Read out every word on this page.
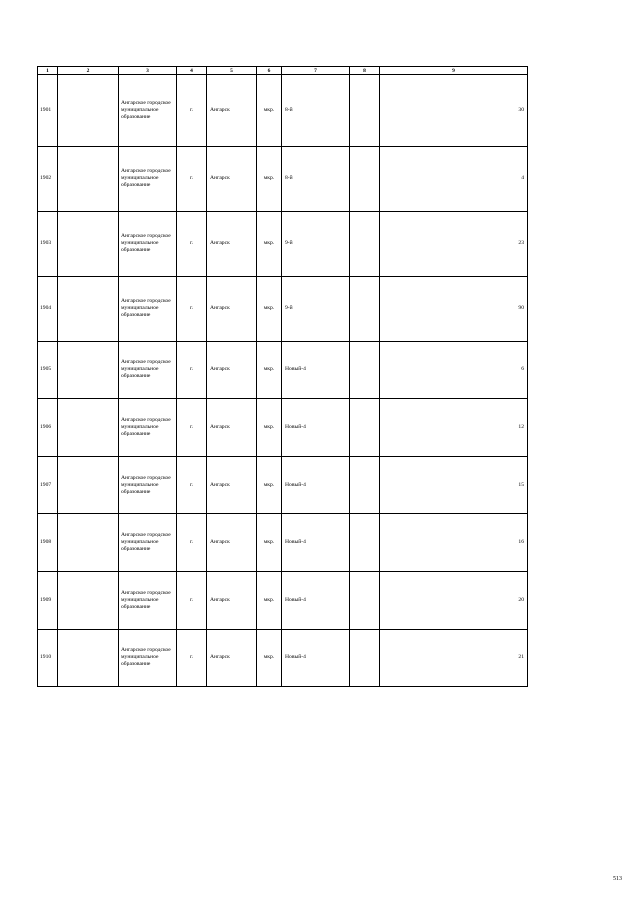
1	2	3	4	5	6	7	8	9	
1901		Ангарское городское муниципальное образование	г.	Ангарск	мкр.	8-й		30	

1902		Ангарское городское муниципальное образование	г.	Ангарск	мкр.	8-й		4	

1903		Ангарское городское муниципальное образование	г.	Ангарск	мкр.	9-й		23	

1904		Ангарское городское муниципальное образование	г.	Ангарск	мкр.	9-й		90	

1905		Ангарское городское муниципальное образование	г.	Ангарск	мкр.	Новый-4		6	

1906		Ангарское городское муниципальное образование	г.	Ангарск	мкр.	Новый-4		12	

1907		Ангарское городское муниципальное образование	г.	Ангарск	мкр.	Новый-4		15	

1908		Ангарское городское муниципальное образование	г.	Ангарск	мкр.	Новый-4		16	

1909		Ангарское городское муниципальное образование	г.	Ангарск	мкр.	Новый-4		20	

1910		Ангарское городское муниципальное образование	г.	Ангарск	мкр.	Новый-4		21	

513
